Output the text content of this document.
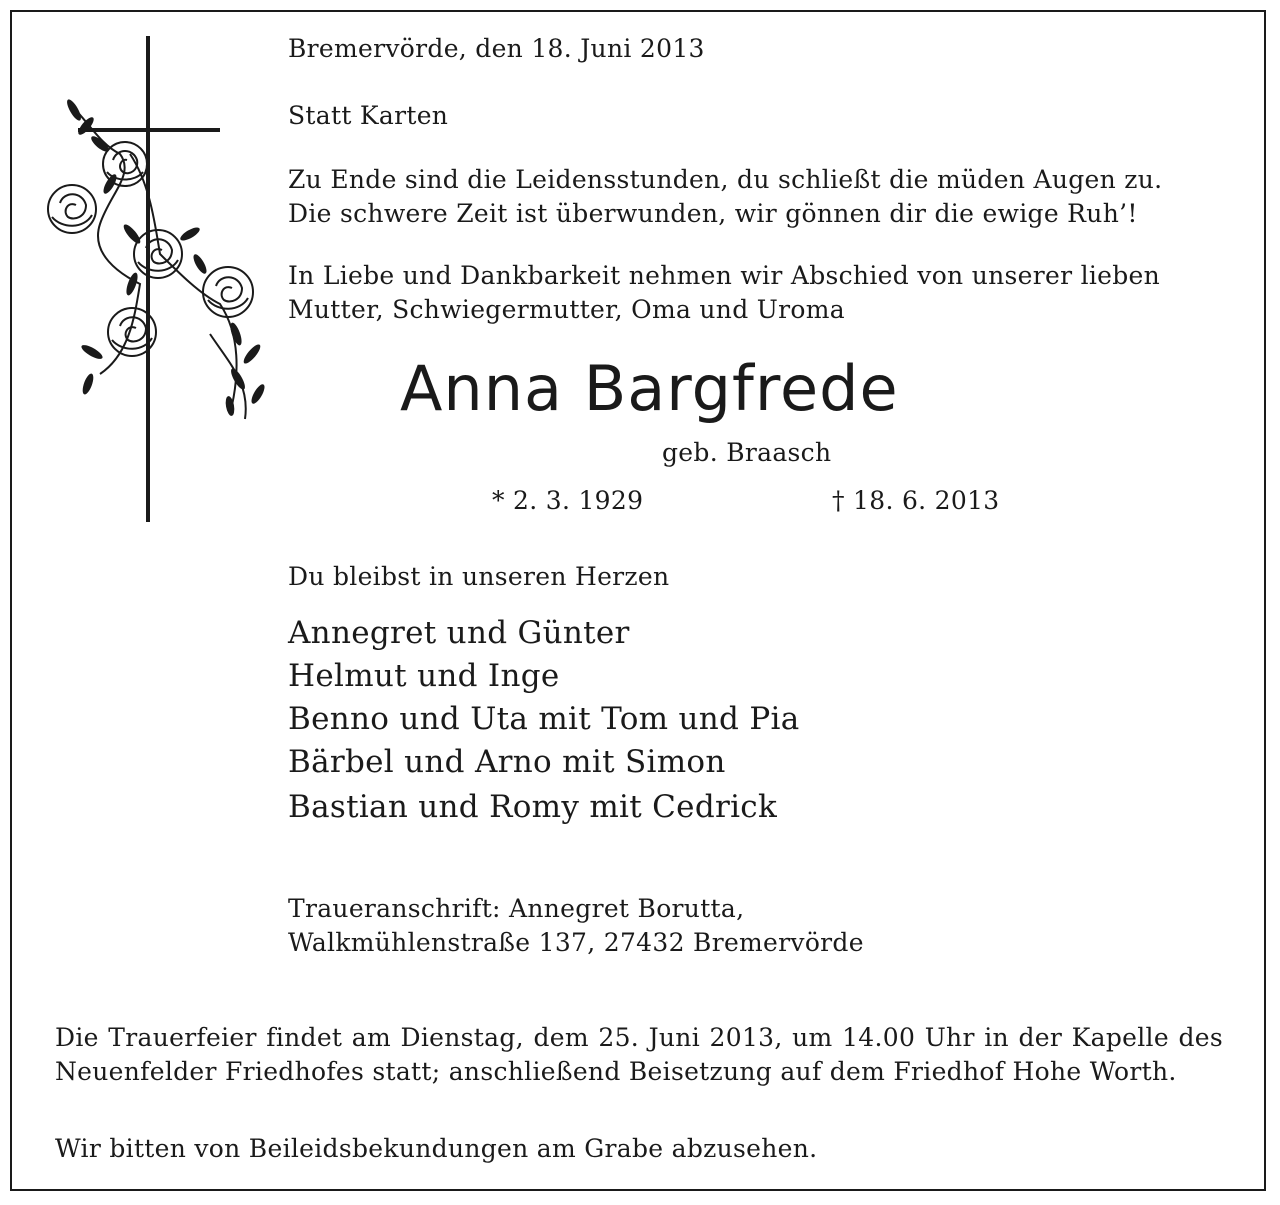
Bremervörde, den 18. Juni 2013
Statt Karten
Zu Ende sind die Leidensstunden, du schließt die müden Augen zu.
Die schwere Zeit ist überwunden, wir gönnen dir die ewige Ruh’!
In Liebe und Dankbarkeit nehmen wir Abschied von unserer lieben
Mutter, Schwiegermutter, Oma und Uroma
Anna Bargfrede
geb. Braasch
* 2. 3. 1929	† 18. 6. 2013
Du bleibst in unseren Herzen
Annegret und Günter
Helmut und Inge
Benno und Uta mit Tom und Pia
Bärbel und Arno mit Simon
Bastian und Romy mit Cedrick
Traueranschrift: Annegret Borutta,
Walkmühlenstraße 137, 27432 Bremervörde
Die Trauerfeier findet am Dienstag, dem 25. Juni 2013, um 14.00 Uhr in der Kapelle des Neuenfelder Friedhofes statt; anschließend Beisetzung auf dem Friedhof Hohe Worth.
Wir bitten von Beileidsbekundungen am Grabe abzusehen.
